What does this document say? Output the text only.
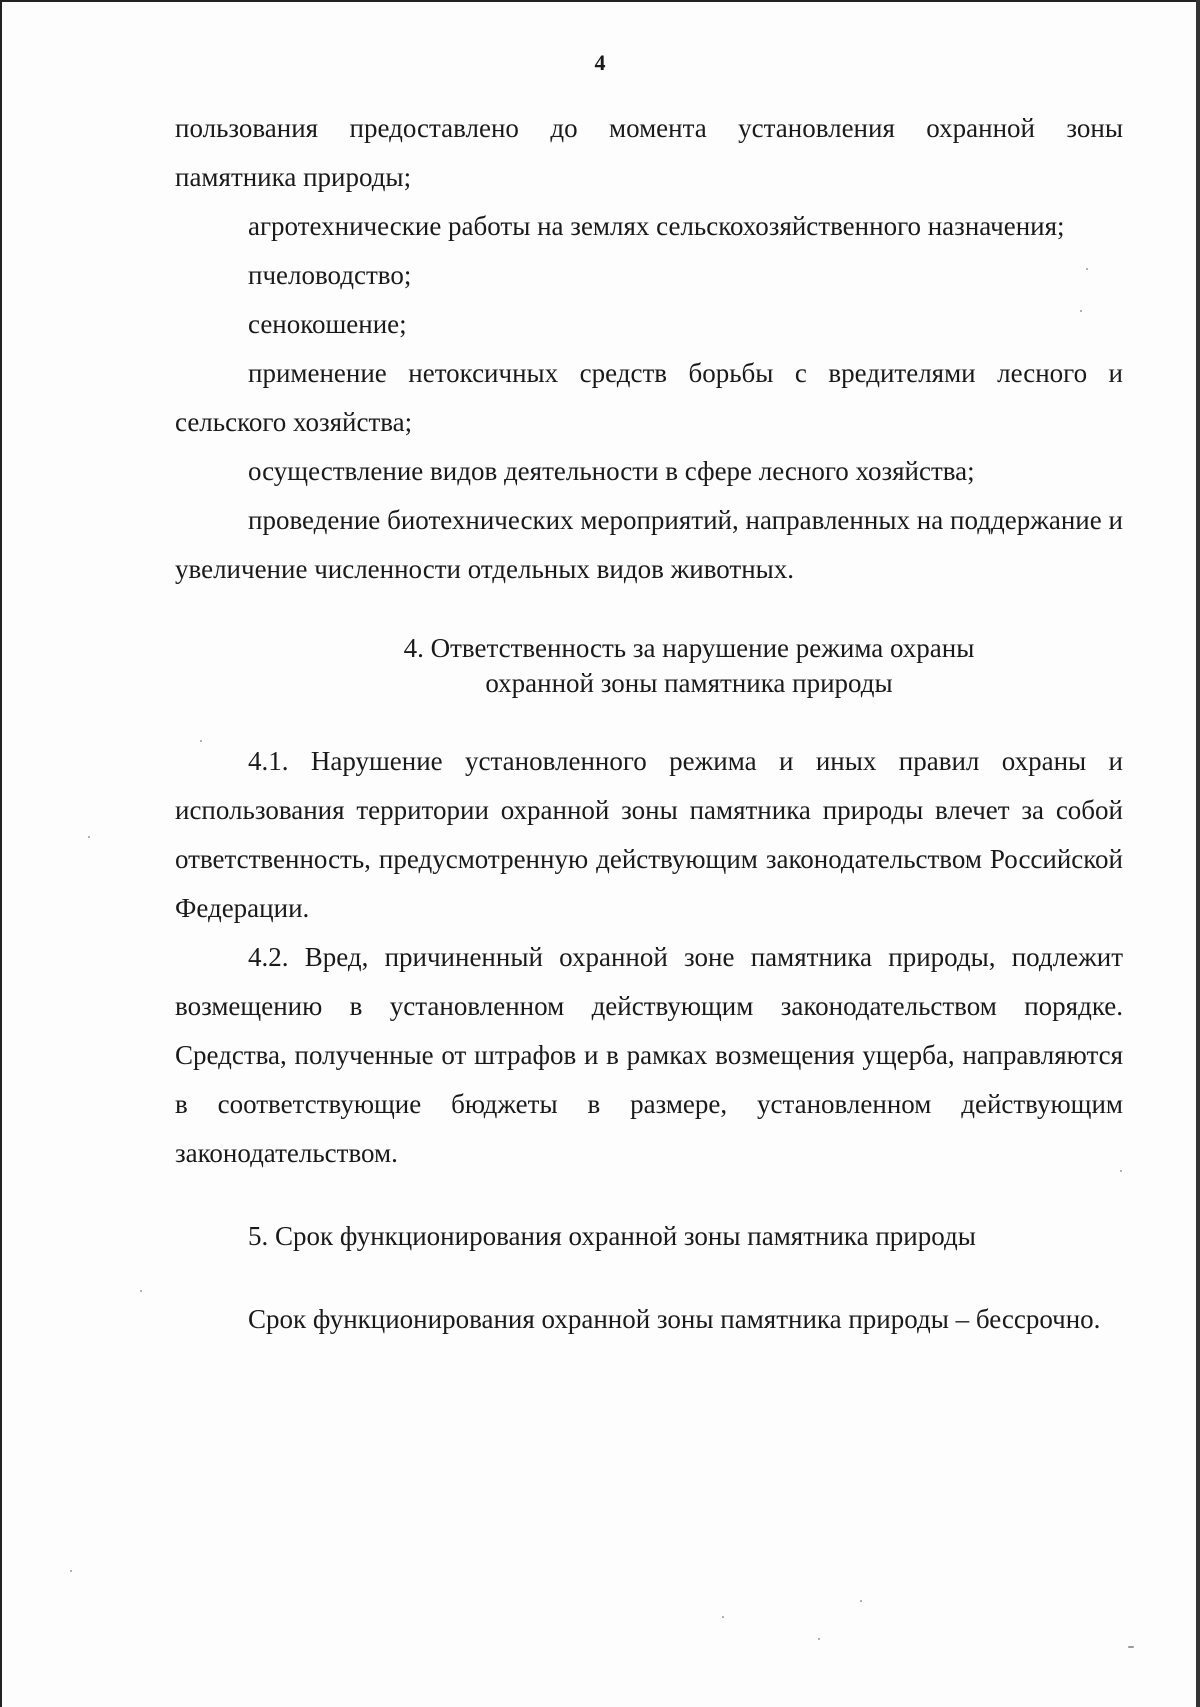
4

пользования предоставлено до момента установления охранной зоны

памятника природы;

агротехнические работы на землях сельскохозяйственного назначения;

пчеловодство;

сенокошение;

применение нетоксичных средств борьбы с вредителями лесного и сельского хозяйства;

осуществление видов деятельности в сфере лесного хозяйства;

проведение биотехнических мероприятий, направленных на поддержание и увеличение численности отдельных видов животных.

4. Ответственность за нарушение режима охраны

охранной зоны памятника природы

4.1. Нарушение установленного режима и иных правил охраны и использования территории охранной зоны памятника природы влечет за собой ответственность, предусмотренную действующим законодательством Российской Федерации.

4.2. Вред, причиненный охранной зоне памятника природы, подлежит возмещению в установленном действующим законодательством порядке. Средства, полученные от штрафов и в рамках возмещения ущерба, направляются в соответствующие бюджеты в размере, установленном действующим законодательством.

5. Срок функционирования охранной зоны памятника природы

Срок функционирования охранной зоны памятника природы – бессрочно.
